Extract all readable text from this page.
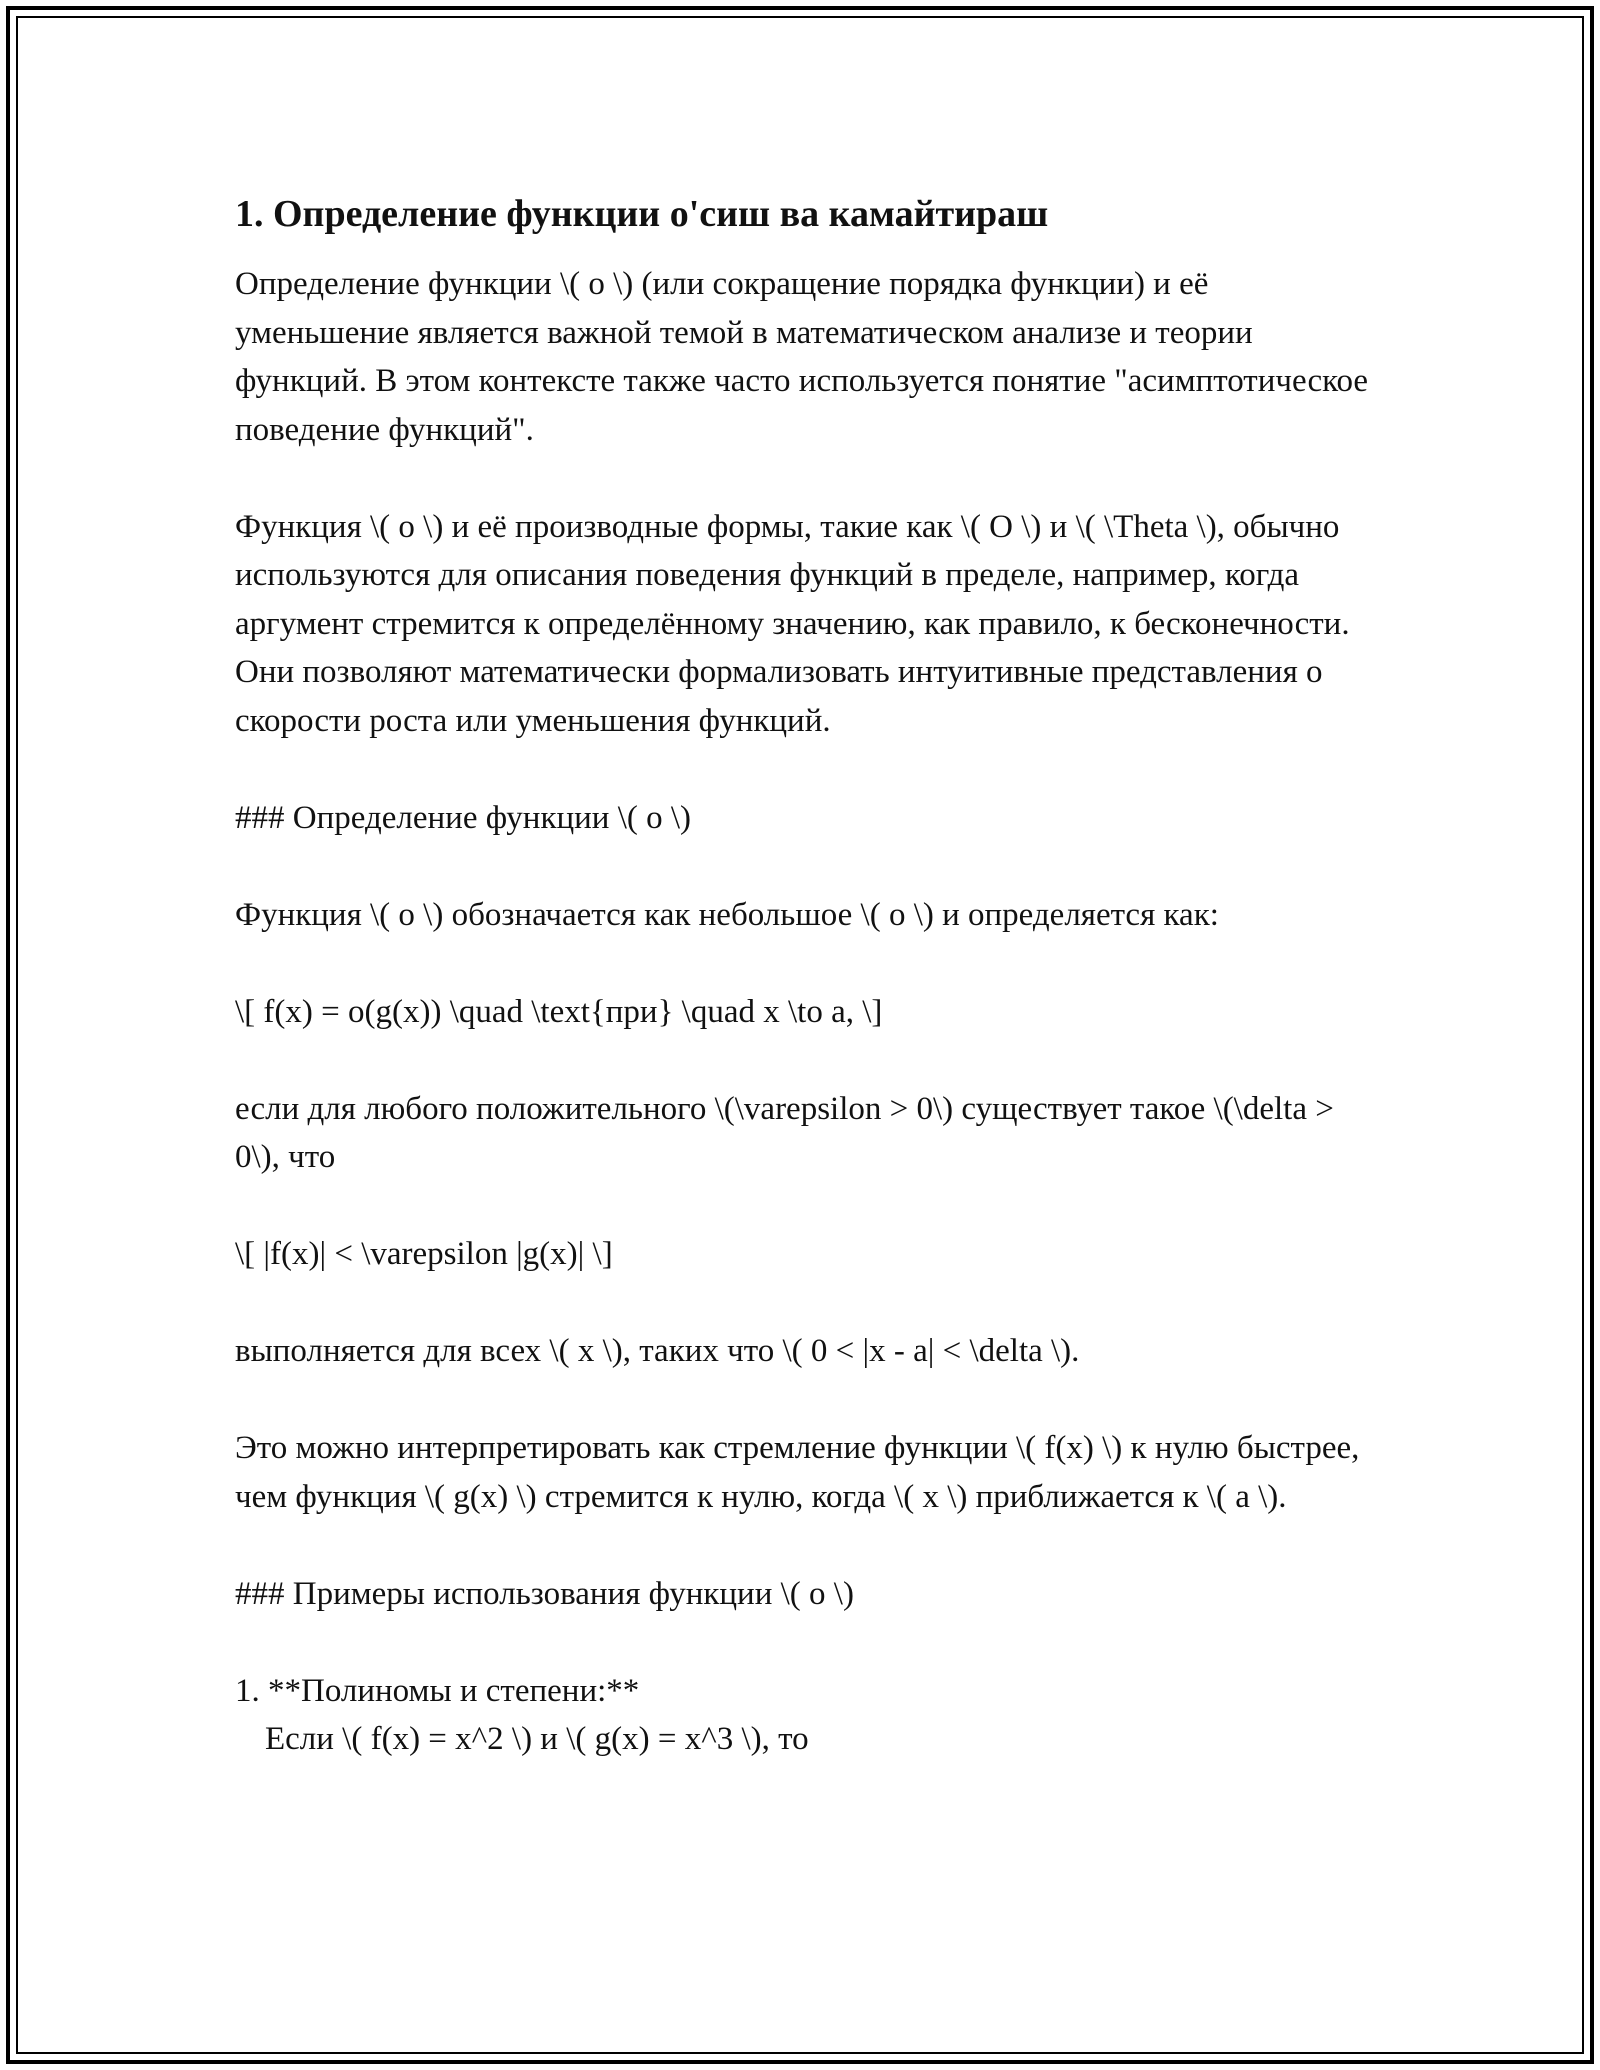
1. Определение функции o'сиш ва камайтираш

Определение функции \( o \) (или сокращение порядка функции) и её уменьшение является важной темой в математическом анализе и теории функций. В этом контексте также часто используется понятие "асимптотическое поведение функций".

Функция \( o \) и её производные формы, такие как \( O \) и \( \Theta \), обычно используются для описания поведения функций в пределе, например, когда аргумент стремится к определённому значению, как правило, к бесконечности. Они позволяют математически формализовать интуитивные представления о скорости роста или уменьшения функций.

### Определение функции \( o \)

Функция \( o \) обозначается как небольшое \( o \) и определяется как:

\[ f(x) = o(g(x)) \quad \text{при} \quad x \to a, \]

если для любого положительного \(\varepsilon > 0\) существует такое \(\delta > 0\), что

\[ |f(x)| < \varepsilon |g(x)| \]

выполняется для всех \( x \), таких что \( 0 < |x - a| < \delta \).

Это можно интерпретировать как стремление функции \( f(x) \) к нулю быстрее, чем функция \( g(x) \) стремится к нулю, когда \( x \) приближается к \( a \).

### Примеры использования функции \( o \)

1. **Полиномы и степени:**

Если \( f(x) = x^2 \) и \( g(x) = x^3 \), то
